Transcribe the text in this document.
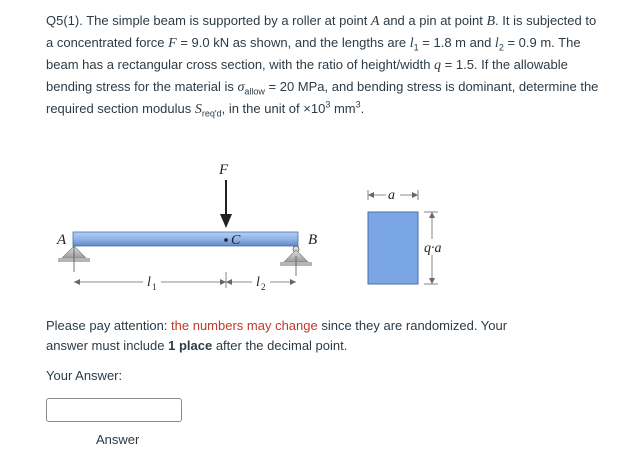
Q5(1). The simple beam is supported by a roller at point A and a pin at point B. It is subjected to a concentrated force F = 9.0 kN as shown, and the lengths are $l_1 = 1.8$ m and $l_2 = 0.9$ m. The beam has a rectangular cross section, with the ratio of height/width q = 1.5. If the allowable bending stress for the material is $\sigma_{allow} = 20$ MPa, and bending stress is dominant, determine the required section modulus $S_{req'd}$, in the unit of $\times 10^3$ $mm^3$.
F
A	C	B
l 1	l 2
a
q·a
Please pay attention: the numbers may change since they are randomized. Your answer must include 1 place after the decimal point.
Your Answer:
Answer
